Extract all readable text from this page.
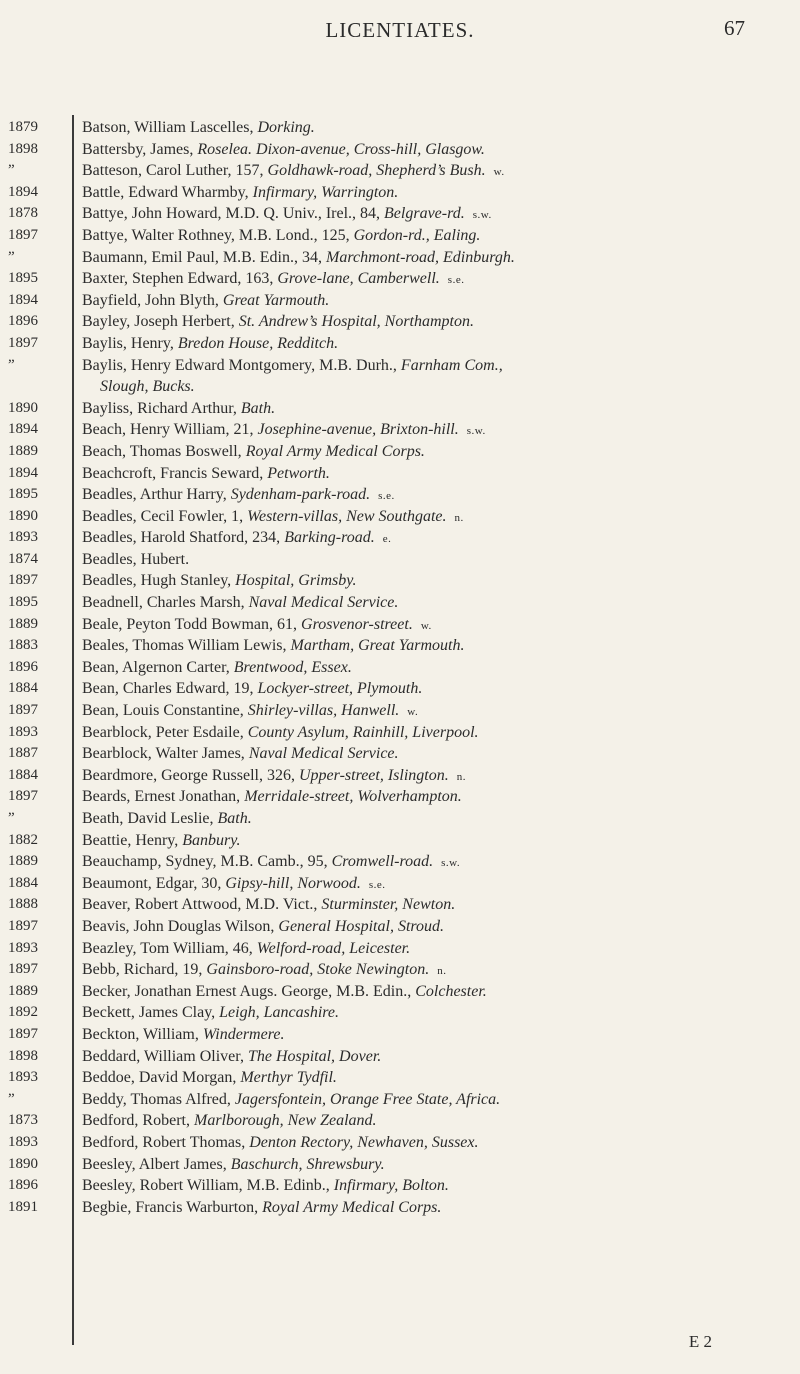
LICENTIATES.	67
1879	Batson, William Lascelles, Dorking.
1898	Battersby, James, Roselea. Dixon-avenue, Cross-hill, Glasgow.
”	Batteson, Carol Luther, 157, Goldhawk-road, Shepherd’s Bush. w.
1894	Battle, Edward Wharmby, Infirmary, Warrington.
1878	Battye, John Howard, M.D. Q. Univ., Irel., 84, Belgrave-rd. s.w.
1897	Battye, Walter Rothney, M.B. Lond., 125, Gordon-rd., Ealing.
”	Baumann, Emil Paul, M.B. Edin., 34, Marchmont-road, Edinburgh.
1895	Baxter, Stephen Edward, 163, Grove-lane, Camberwell. s.e.
1894	Bayfield, John Blyth, Great Yarmouth.
1896	Bayley, Joseph Herbert, St. Andrew’s Hospital, Northampton.
1897	Baylis, Henry, Bredon House, Redditch.
”	Baylis, Henry Edward Montgomery, M.B. Durh., Farnham Com.,
Slough, Bucks.
1890	Bayliss, Richard Arthur, Bath.
1894	Beach, Henry William, 21, Josephine-avenue, Brixton-hill. s.w.
1889	Beach, Thomas Boswell, Royal Army Medical Corps.
1894	Beachcroft, Francis Seward, Petworth.
1895	Beadles, Arthur Harry, Sydenham-park-road. s.e.
1890	Beadles, Cecil Fowler, 1, Western-villas, New Southgate. n.
1893	Beadles, Harold Shatford, 234, Barking-road. e.
1874	Beadles, Hubert.
1897	Beadles, Hugh Stanley, Hospital, Grimsby.
1895	Beadnell, Charles Marsh, Naval Medical Service.
1889	Beale, Peyton Todd Bowman, 61, Grosvenor-street. w.
1883	Beales, Thomas William Lewis, Martham, Great Yarmouth.
1896	Bean, Algernon Carter, Brentwood, Essex.
1884	Bean, Charles Edward, 19, Lockyer-street, Plymouth.
1897	Bean, Louis Constantine, Shirley-villas, Hanwell. w.
1893	Bearblock, Peter Esdaile, County Asylum, Rainhill, Liverpool.
1887	Bearblock, Walter James, Naval Medical Service.
1884	Beardmore, George Russell, 326, Upper-street, Islington. n.
1897	Beards, Ernest Jonathan, Merridale-street, Wolverhampton.
”	Beath, David Leslie, Bath.
1882	Beattie, Henry, Banbury.
1889	Beauchamp, Sydney, M.B. Camb., 95, Cromwell-road. s.w.
1884	Beaumont, Edgar, 30, Gipsy-hill, Norwood. s.e.
1888	Beaver, Robert Attwood, M.D. Vict., Sturminster, Newton.
1897	Beavis, John Douglas Wilson, General Hospital, Stroud.
1893	Beazley, Tom William, 46, Welford-road, Leicester.
1897	Bebb, Richard, 19, Gainsboro-road, Stoke Newington. n.
1889	Becker, Jonathan Ernest Augs. George, M.B. Edin., Colchester.
1892	Beckett, James Clay, Leigh, Lancashire.
1897	Beckton, William, Windermere.
1898	Beddard, William Oliver, The Hospital, Dover.
1893	Beddoe, David Morgan, Merthyr Tydfil.
”	Beddy, Thomas Alfred, Jagersfontein, Orange Free State, Africa.
1873	Bedford, Robert, Marlborough, New Zealand.
1893	Bedford, Robert Thomas, Denton Rectory, Newhaven, Sussex.
1890	Beesley, Albert James, Baschurch, Shrewsbury.
1896	Beesley, Robert William, M.B. Edinb., Infirmary, Bolton.
1891	Begbie, Francis Warburton, Royal Army Medical Corps.
E 2
